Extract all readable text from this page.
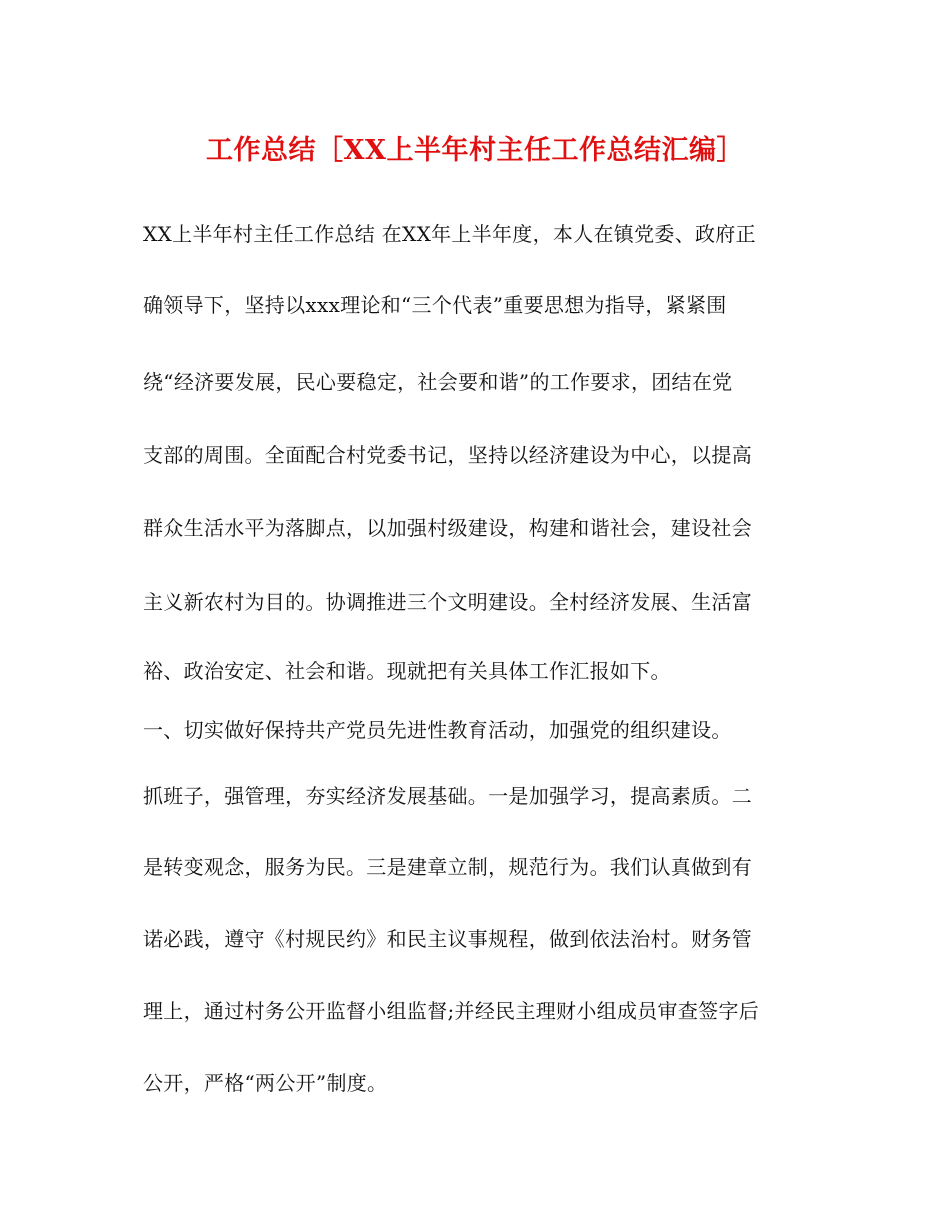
工作总结［XX上半年村主任工作总结汇编］
XX上半年村主任工作总结 在XX年上半年度，本人在镇党委、政府正
确领导下，坚持以xxx理论和“三个代表”重要思想为指导，紧紧围
绕“经济要发展，民心要稳定，社会要和谐”的工作要求，团结在党
支部的周围。全面配合村党委书记，坚持以经济建设为中心，以提高
群众生活水平为落脚点，以加强村级建设，构建和谐社会，建设社会
主义新农村为目的。协调推进三个文明建设。全村经济发展、生活富
裕、政治安定、社会和谐。现就把有关具体工作汇报如下。
一、切实做好保持共产党员先进性教育活动，加强党的组织建设。
抓班子，强管理，夯实经济发展基础。一是加强学习，提高素质。二
是转变观念，服务为民。三是建章立制，规范行为。我们认真做到有
诺必践，遵守《村规民约》和民主议事规程，做到依法治村。财务管
理上，通过村务公开监督小组监督;并经民主理财小组成员审查签字后
公开，严格“两公开”制度。
